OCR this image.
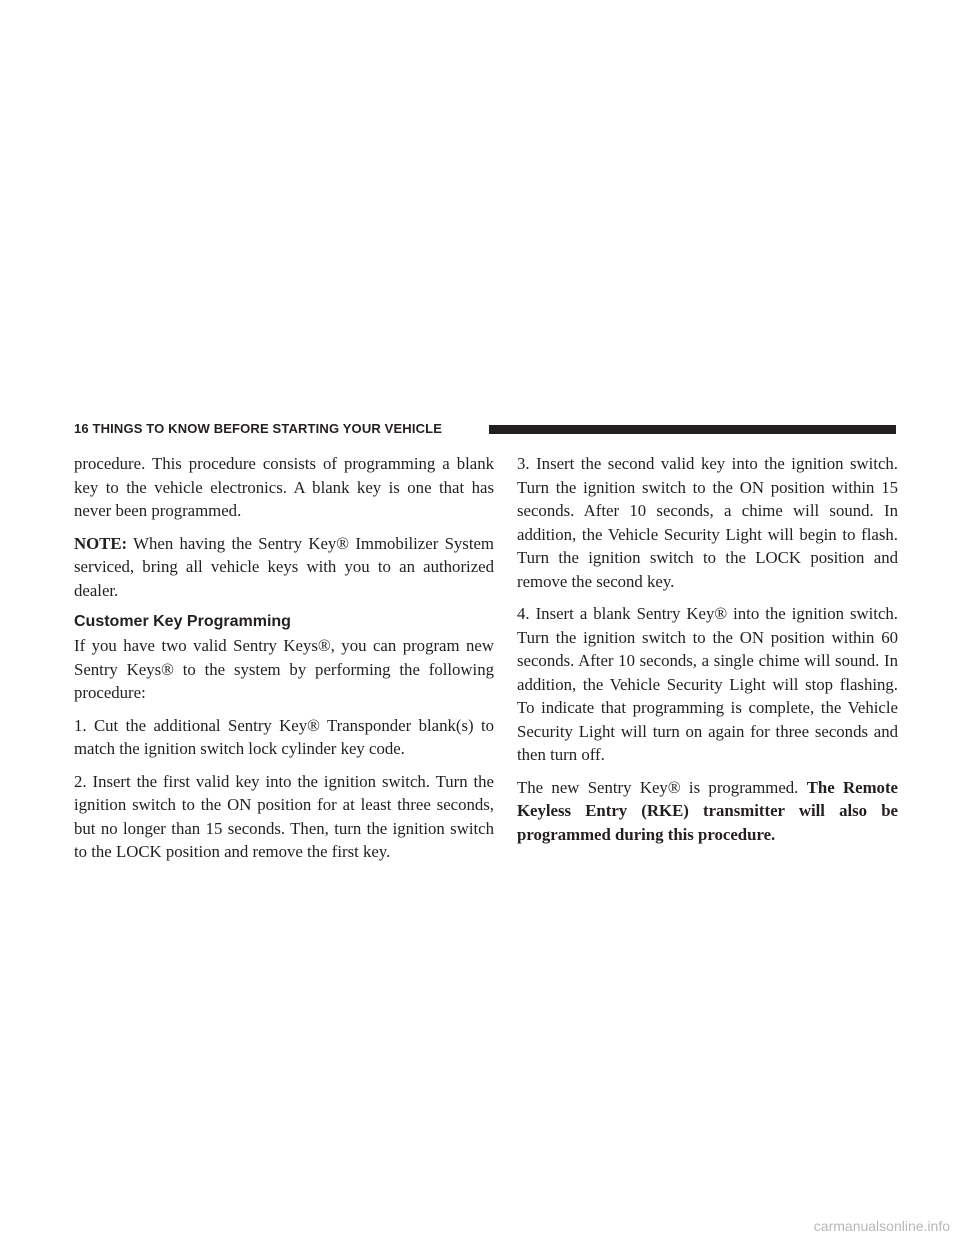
16 THINGS TO KNOW BEFORE STARTING YOUR VEHICLE

procedure. This procedure consists of programming a blank key to the vehicle electronics. A blank key is one that has never been programmed.

NOTE: When having the Sentry Key® Immobilizer System serviced, bring all vehicle keys with you to an authorized dealer.

Customer Key Programming

If you have two valid Sentry Keys®, you can program new Sentry Keys® to the system by performing the following procedure:

1. Cut the additional Sentry Key® Transponder blank(s) to match the ignition switch lock cylinder key code.

2. Insert the first valid key into the ignition switch. Turn the ignition switch to the ON position for at least three seconds, but no longer than 15 seconds. Then, turn the ignition switch to the LOCK position and remove the first key.

3. Insert the second valid key into the ignition switch. Turn the ignition switch to the ON position within 15 seconds. After 10 seconds, a chime will sound. In addition, the Vehicle Security Light will begin to flash. Turn the ignition switch to the LOCK position and remove the second key.

4. Insert a blank Sentry Key® into the ignition switch. Turn the ignition switch to the ON position within 60 seconds. After 10 seconds, a single chime will sound. In addition, the Vehicle Security Light will stop flashing. To indicate that programming is complete, the Vehicle Security Light will turn on again for three seconds and then turn off.

The new Sentry Key® is programmed. The Remote Keyless Entry (RKE) transmitter will also be programmed during this procedure.

carmanualsonline.info
